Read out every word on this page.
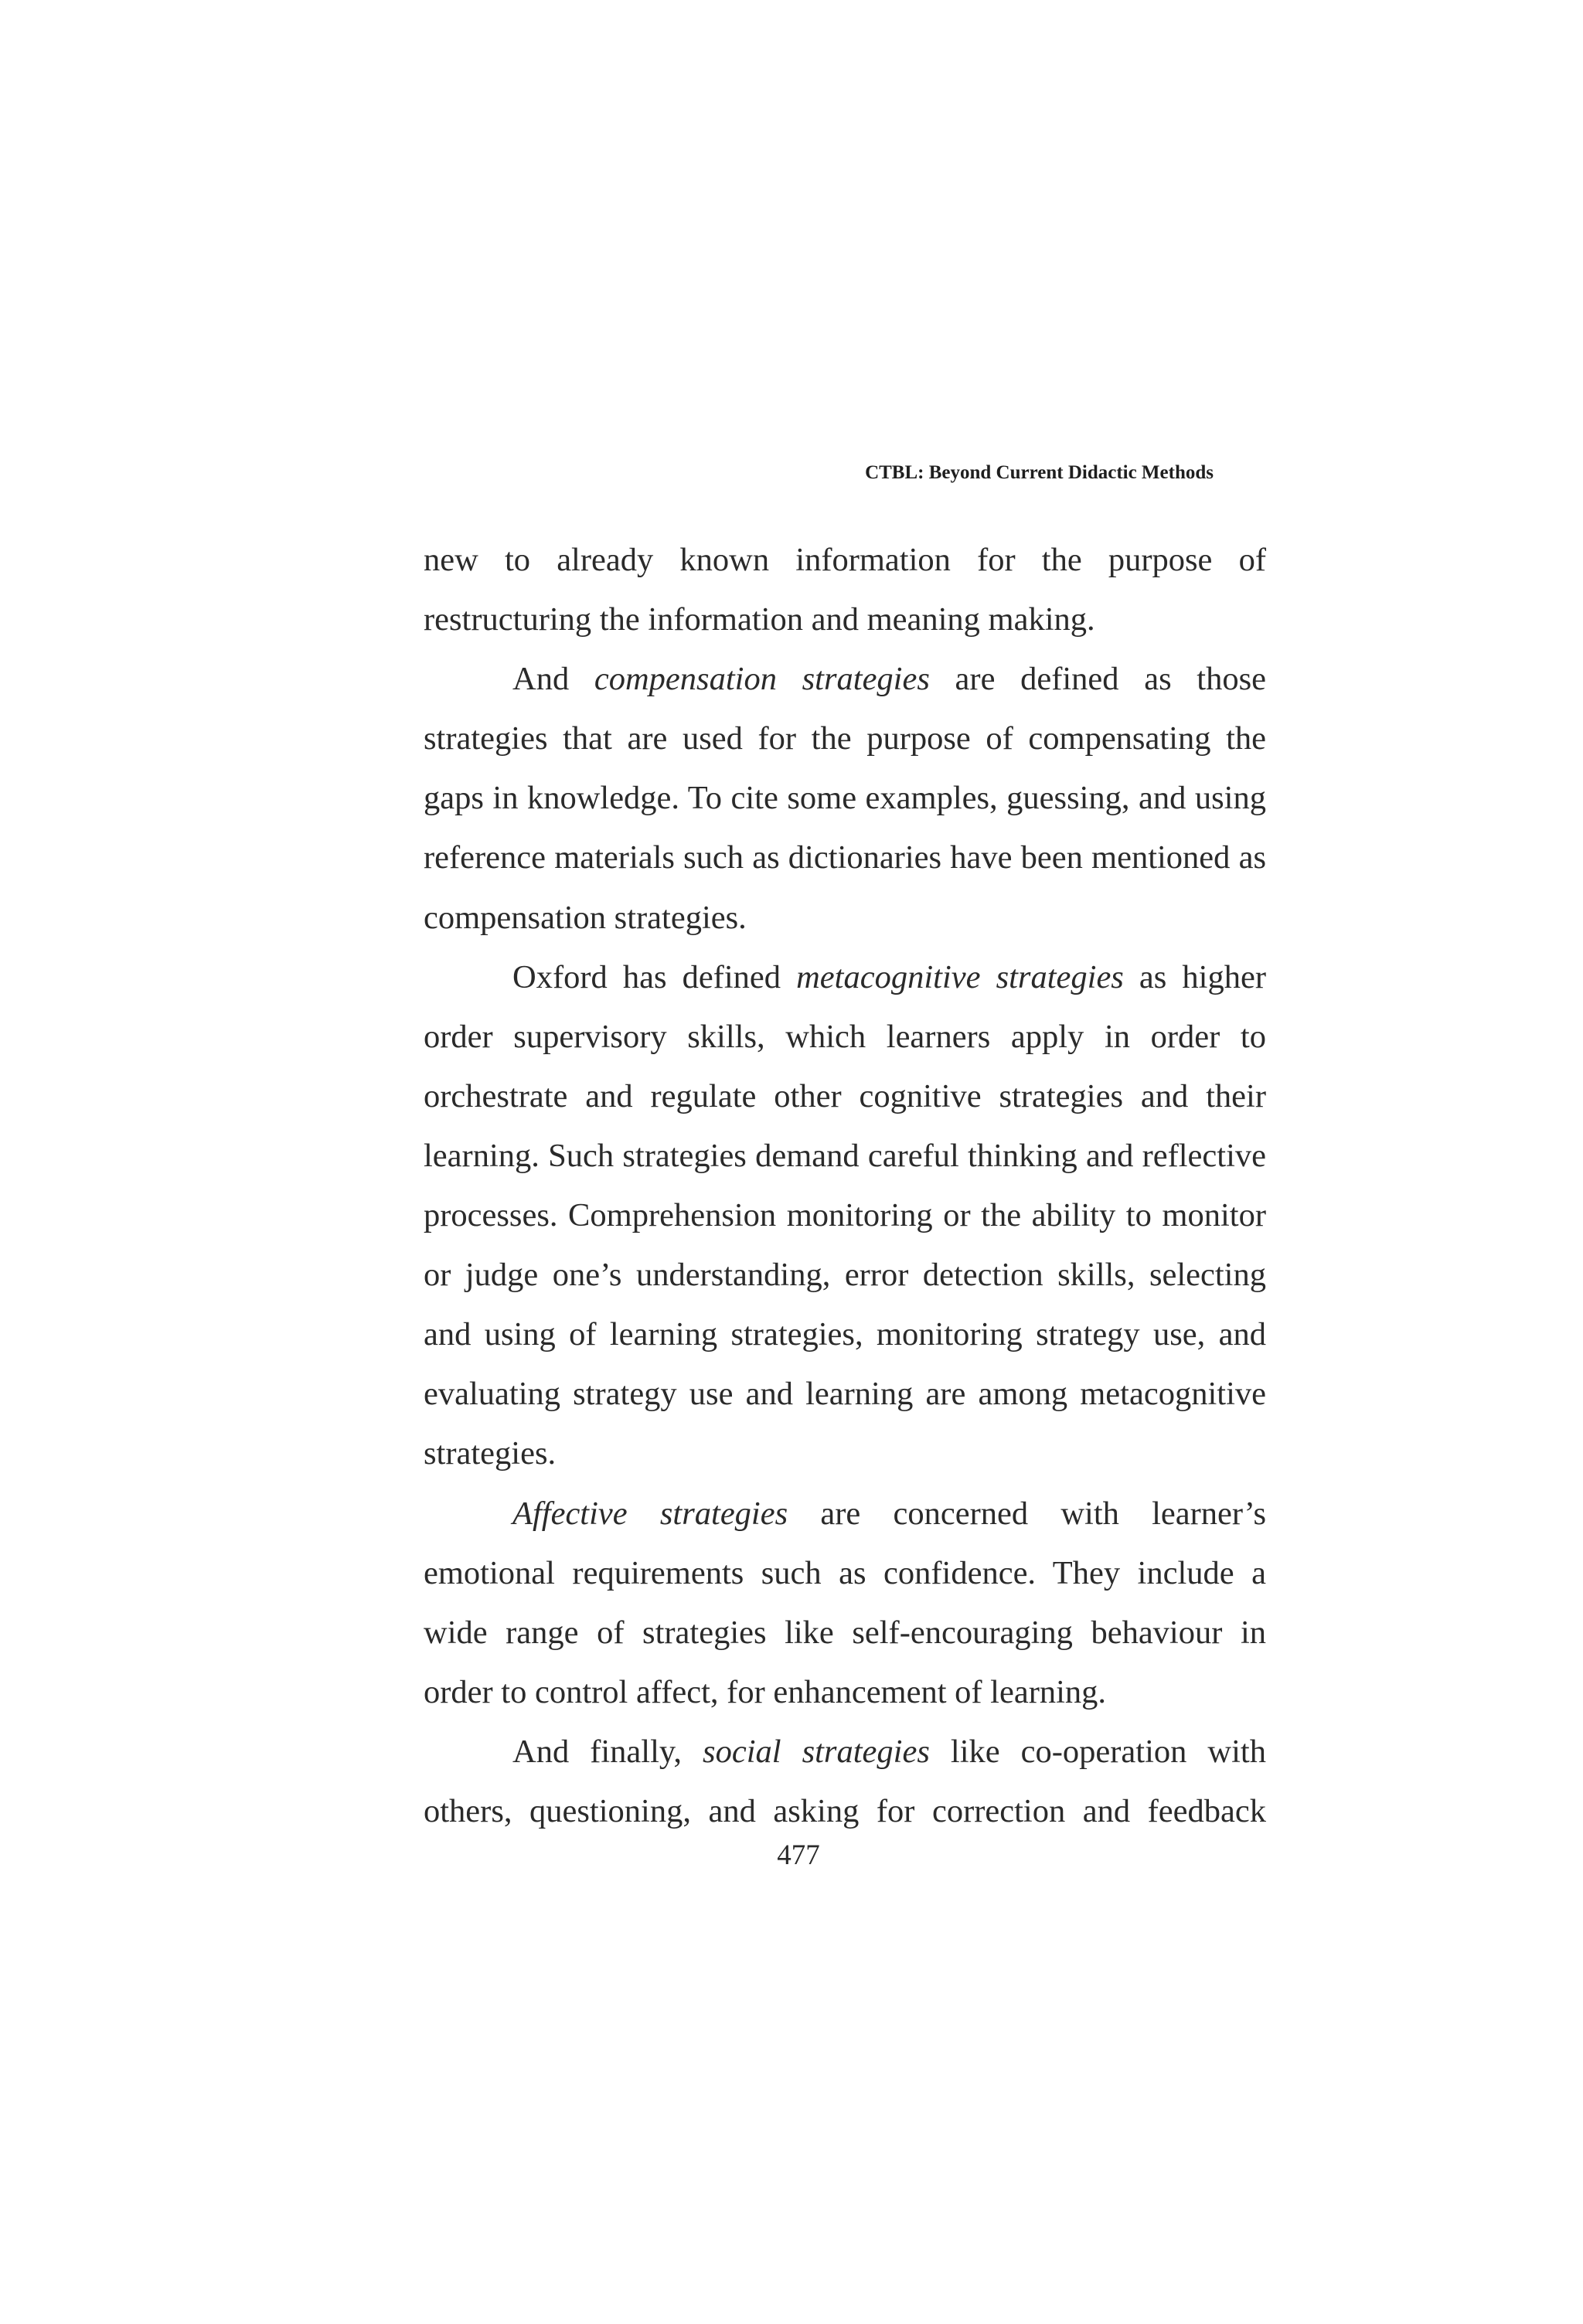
CTBL: Beyond Current Didactic Methods

new to already known information for the purpose of restructuring the information and meaning making.

And compensation strategies are defined as those strategies that are used for the purpose of compensating the gaps in knowledge. To cite some examples, guessing, and using reference materials such as dictionaries have been mentioned as compensation strategies.

Oxford has defined metacognitive strategies as higher order supervisory skills, which learners apply in order to orchestrate and regulate other cognitive strategies and their learning. Such strategies demand careful thinking and reflective processes. Comprehension monitoring or the ability to monitor or judge one’s understanding, error detection skills, selecting and using of learning strategies, monitoring strategy use, and evaluating strategy use and learning are among metacognitive strategies.

Affective strategies are concerned with learner’s emotional requirements such as confidence. They include a wide range of strategies like self-encouraging behaviour in order to control affect, for enhancement of learning.

And finally, social strategies like co-operation with others, questioning, and asking for correction and feedback

477
